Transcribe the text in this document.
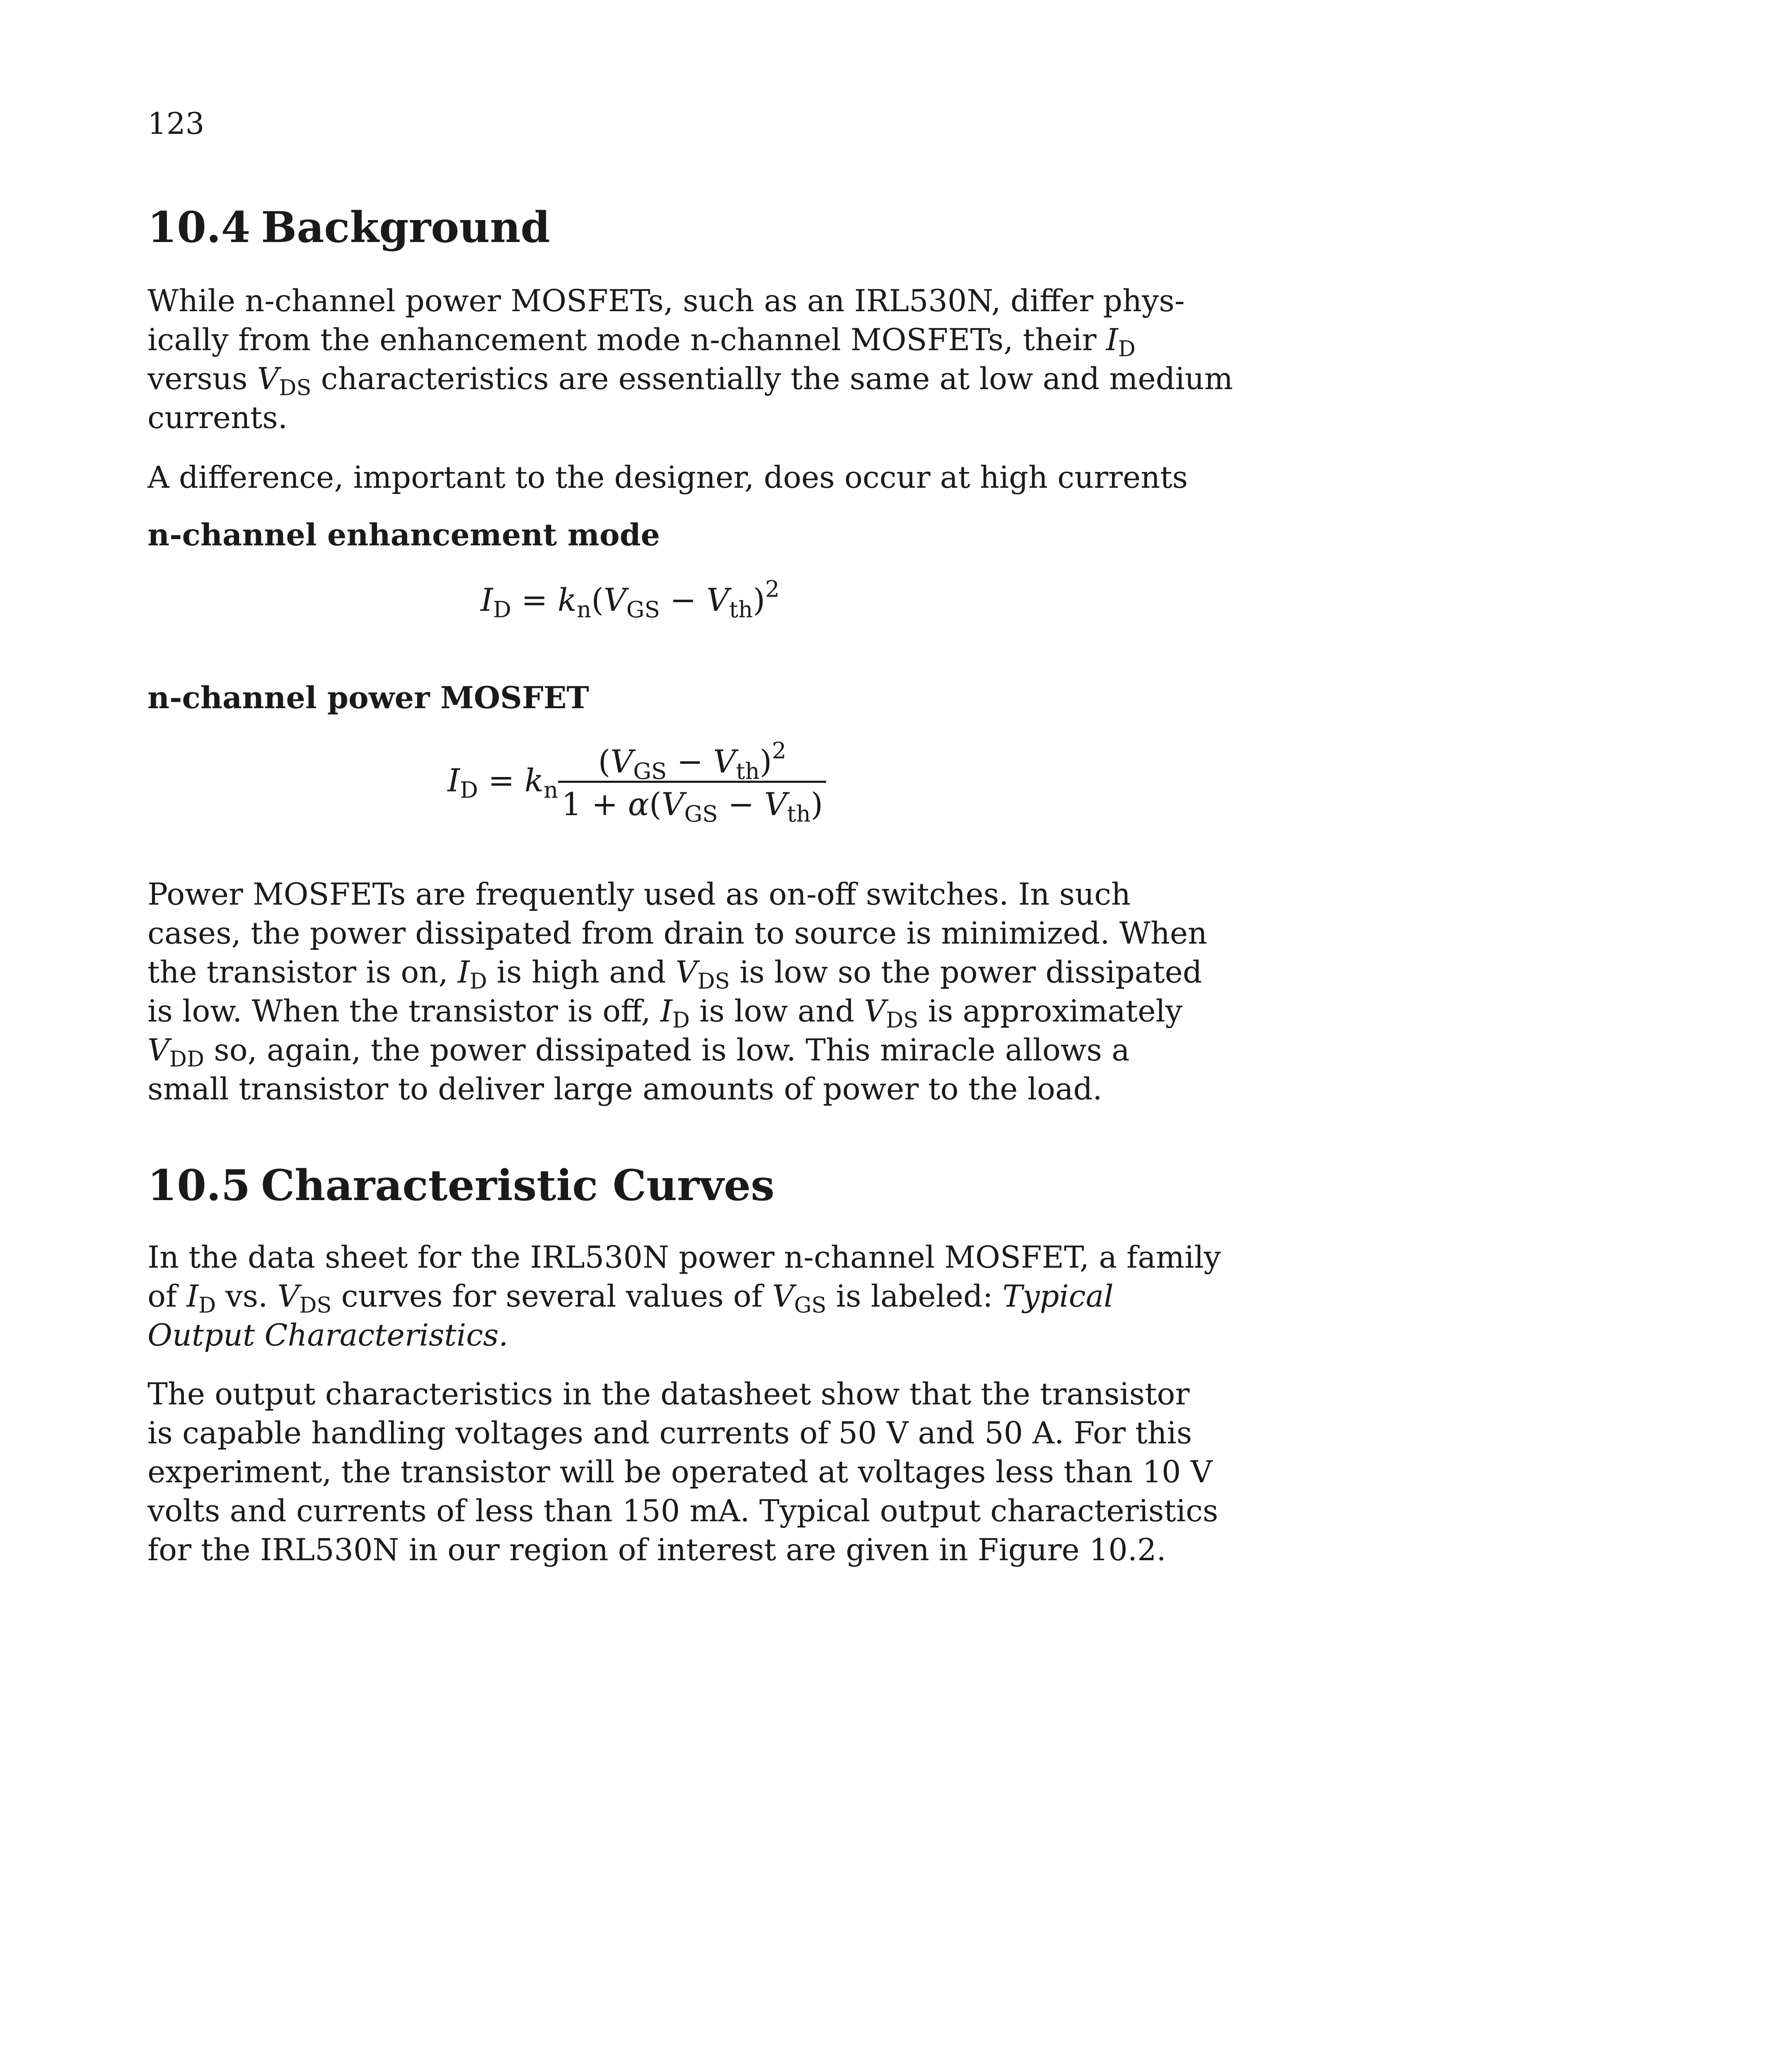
123
10.4 Background

While n-channel power MOSFETs, such as an IRL530N, differ phys-
ically from the enhancement mode n-channel MOSFETs, their $I_D$
versus $V_{DS}$ characteristics are essentially the same at low and medium
currents.

A difference, important to the designer, does occur at high currents

n-channel enhancement mode
$I_D = k_n(V_{GS} - V_{th})^2$
n-channel power MOSFET
$I_D = k_n \frac{(V_{GS} - V_{th})^2}{1 + \alpha(V_{GS} - V_{th})}$

Power MOSFETs are frequently used as on-off switches. In such
cases, the power dissipated from drain to source is minimized. When
the transistor is on, $I_D$ is high and $V_{DS}$ is low so the power dissipated
is low. When the transistor is off, $I_D$ is low and $V_{DS}$ is approximately
$V_{DD}$ so, again, the power dissipated is low. This miracle allows a
small transistor to deliver large amounts of power to the load.

10.5 Characteristic Curves

In the data sheet for the IRL530N power n-channel MOSFET, a family
of $I_D$ vs. $V_{DS}$ curves for several values of $V_{GS}$ is labeled: Typical
Output Characteristics.

The output characteristics in the datasheet show that the transistor
is capable handling voltages and currents of 50 V and 50 A. For this
experiment, the transistor will be operated at voltages less than 10 V
volts and currents of less than 150 mA. Typical output characteristics
for the IRL530N in our region of interest are given in Figure 10.2.
